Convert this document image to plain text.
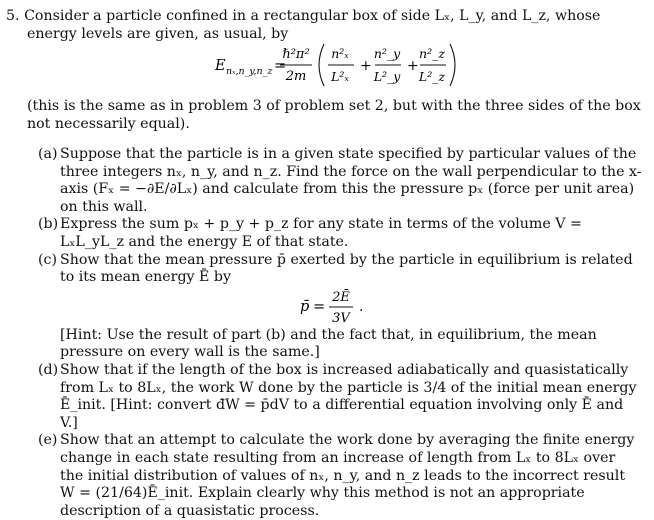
5. Consider a particle confined in a rectangular box of side Lₓ, L_y, and L_z, whose energy levels are given, as usual, by
E nₓ,n_y,n_z =
ℏ²π²
2m
n²ₓ
L²ₓ
+
n²_y
L²_y
+
n²_z
L²_z
(this is the same as in problem 3 of problem set 2, but with the three sides of the box not necessarily equal).
(a) Suppose that the particle is in a given state specified by particular values of the three integers nₓ, n_y, and n_z. Find the force on the wall perpendicular to the x-axis (Fₓ = −∂E/∂Lₓ) and calculate from this the pressure pₓ (force per unit area) on this wall.
(b) Express the sum pₓ + p_y + p_z for any state in terms of the volume V = LₓL_yL_z and the energy E of that state.
(c) Show that the mean pressure p̄ exerted by the particle in equilibrium is related to its mean energy Ē by
p̄ =
2Ē
3V
.
[Hint: Use the result of part (b) and the fact that, in equilibrium, the mean pressure on every wall is the same.]
(d) Show that if the length of the box is increased adiabatically and quasistatically from Lₓ to 8Lₓ, the work W done by the particle is 3/4 of the initial mean energy Ē_init. [Hint: convert đW = p̄dV to a differential equation involving only Ē and V.]
(e) Show that an attempt to calculate the work done by averaging the finite energy change in each state resulting from an increase of length from Lₓ to 8Lₓ over the initial distribution of values of nₓ, n_y, and n_z leads to the incorrect result W = (21/64)Ē_init. Explain clearly why this method is not an appropriate description of a quasistatic process.
